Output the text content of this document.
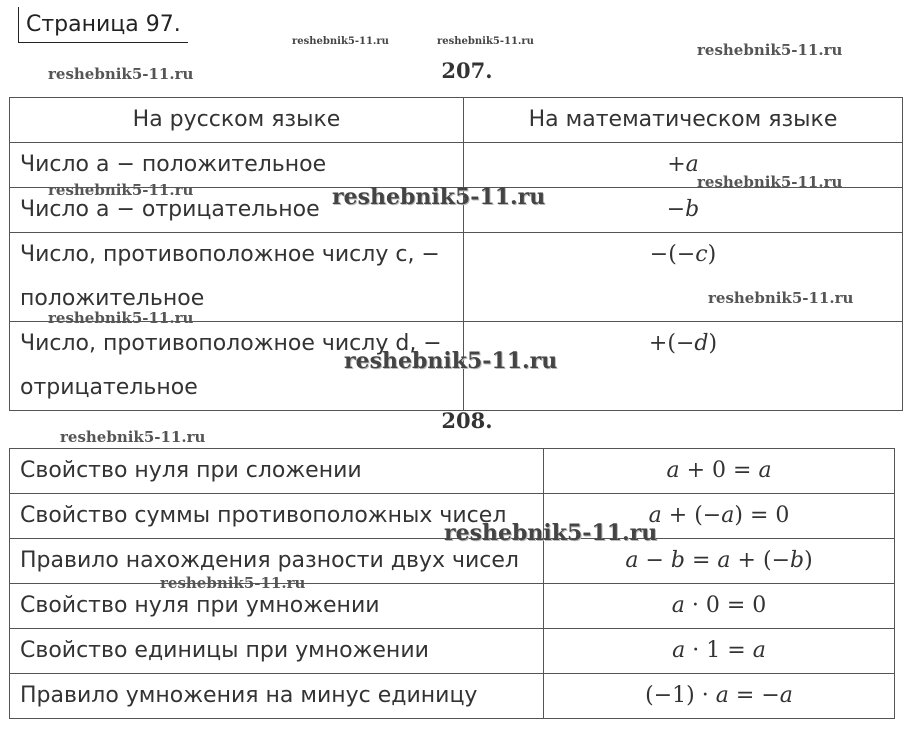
Страница 97.
207.
На русском языке	На математическом языке
Число a − положительное	+a
Число a − отрицательное	−b
Число, противоположное числу c, − положительное	−(−c)
Число, противоположное числу d, − отрицательное	+(−d)
208.
Свойство нуля при сложении	a + 0 = a
Свойство суммы противоположных чисел	a + (−a) = 0
Правило нахождения разности двух чисел	a − b = a + (−b)
Свойство нуля при умножении	a · 0 = 0
Свойство единицы при умножении	a · 1 = a
Правило умножения на минус единицу	(−1) · a = −a
reshebnik5-11.ru	reshebnik5-11.ru	reshebnik5-11.ru
reshebnik5-11.ru
reshebnik5-11.ru	reshebnik5-11.ru
reshebnik5-11.ru
reshebnik5-11.ru
reshebnik5-11.ru
reshebnik5-11.ru
reshebnik5-11.ru
reshebnik5-11.ru
reshebnik5-11.ru
